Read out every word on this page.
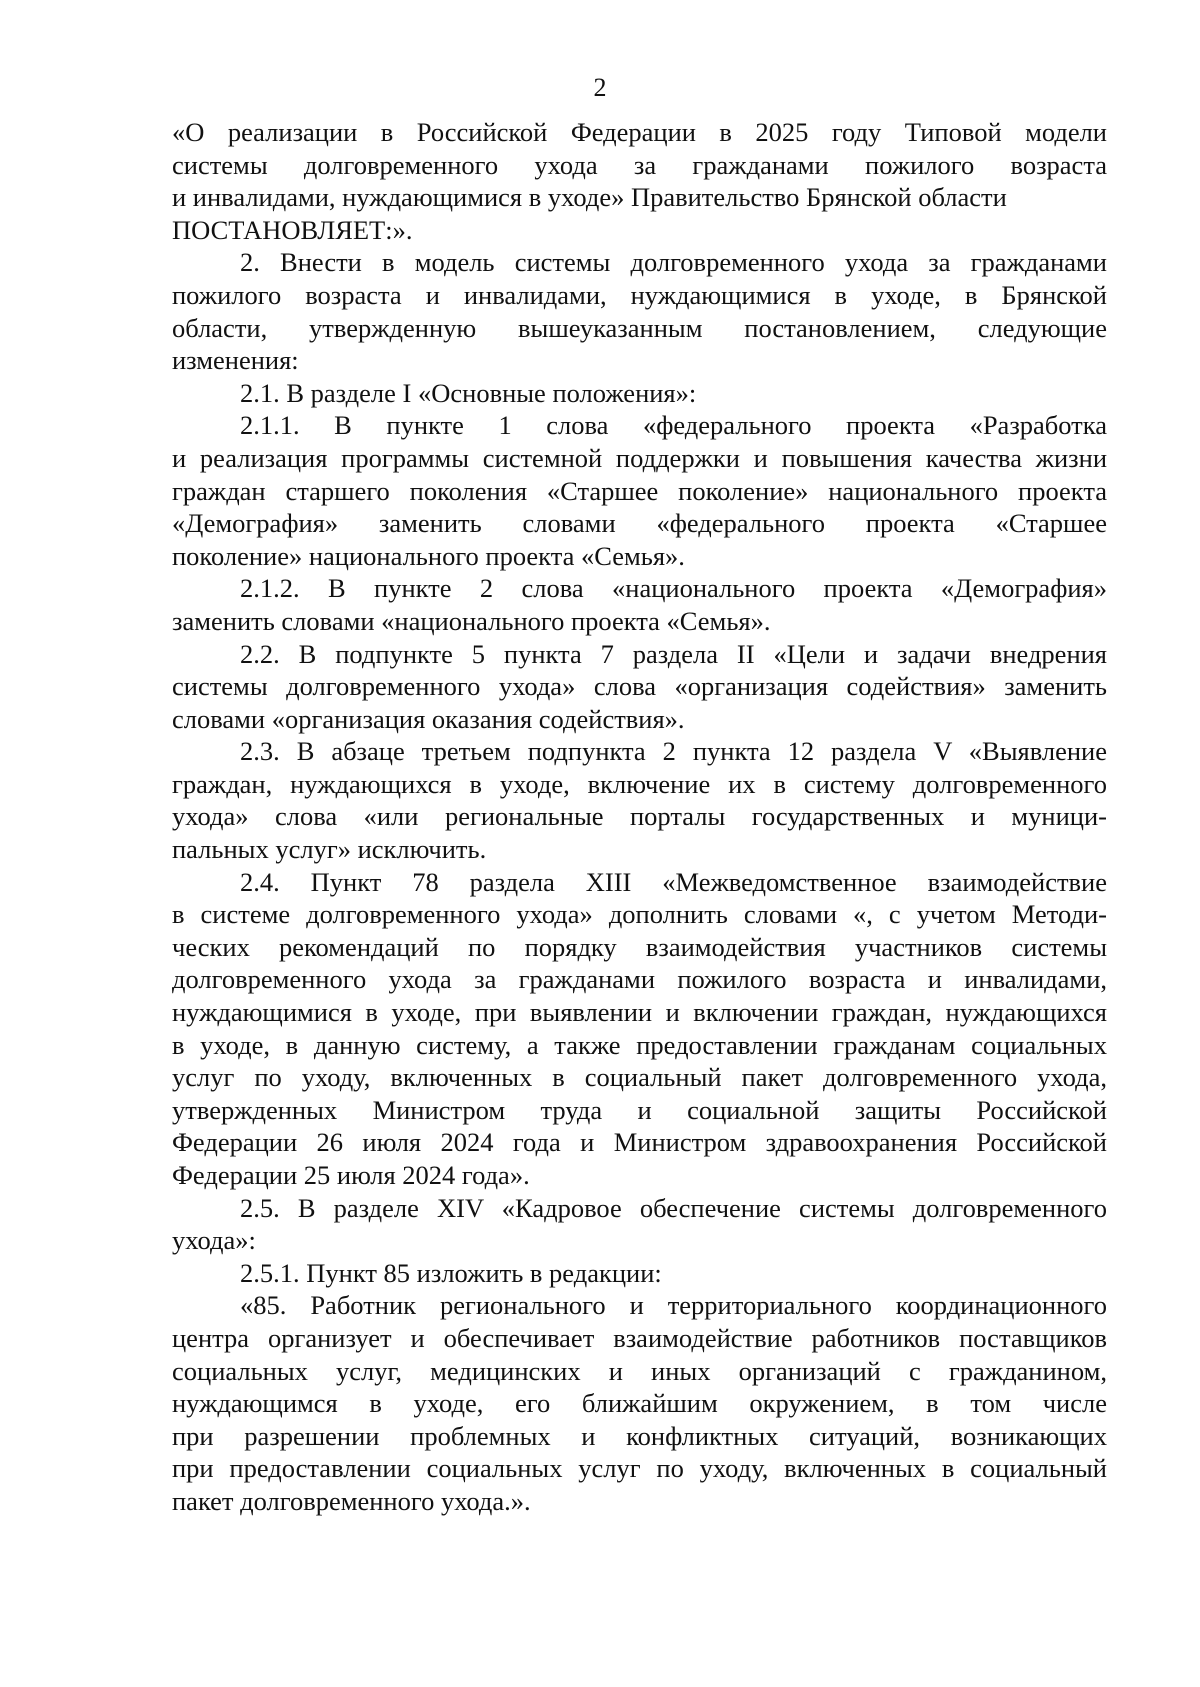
2
«О реализации в Российской Федерации в 2025 году Типовой модели
системы долговременного ухода за гражданами пожилого возраста
и инвалидами, нуждающимися в уходе» Правительство Брянской области
ПОСТАНОВЛЯЕТ:».
2. Внести в модель системы долговременного ухода за гражданами
пожилого возраста и инвалидами, нуждающимися в уходе, в Брянской
области, утвержденную вышеуказанным постановлением, следующие
изменения:
2.1. В разделе I «Основные положения»:
2.1.1. В пункте 1 слова «федерального проекта «Разработка
и реализация программы системной поддержки и повышения качества жизни
граждан старшего поколения «Старшее поколение» национального проекта
«Демография» заменить словами «федерального проекта «Старшее
поколение» национального проекта «Семья».
2.1.2. В пункте 2 слова «национального проекта «Демография»
заменить словами «национального проекта «Семья».
2.2. В подпункте 5 пункта 7 раздела II «Цели и задачи внедрения
системы долговременного ухода» слова «организация содействия» заменить
словами «организация оказания содействия».
2.3. В абзаце третьем подпункта 2 пункта 12 раздела V «Выявление
граждан, нуждающихся в уходе, включение их в систему долговременного
ухода» слова «или региональные порталы государственных и муници-
пальных услуг» исключить.
2.4. Пункт 78 раздела XIII «Межведомственное взаимодействие
в системе долговременного ухода» дополнить словами «, с учетом Методи-
ческих рекомендаций по порядку взаимодействия участников системы
долговременного ухода за гражданами пожилого возраста и инвалидами,
нуждающимися в уходе, при выявлении и включении граждан, нуждающихся
в уходе, в данную систему, а также предоставлении гражданам социальных
услуг по уходу, включенных в социальный пакет долговременного ухода,
утвержденных Министром труда и социальной защиты Российской
Федерации 26 июля 2024 года и Министром здравоохранения Российской
Федерации 25 июля 2024 года».
2.5. В разделе XIV «Кадровое обеспечение системы долговременного
ухода»:
2.5.1. Пункт 85 изложить в редакции:
«85. Работник регионального и территориального координационного
центра организует и обеспечивает взаимодействие работников поставщиков
социальных услуг, медицинских и иных организаций с гражданином,
нуждающимся в уходе, его ближайшим окружением, в том числе
при разрешении проблемных и конфликтных ситуаций, возникающих
при предоставлении социальных услуг по уходу, включенных в социальный
пакет долговременного ухода.».
